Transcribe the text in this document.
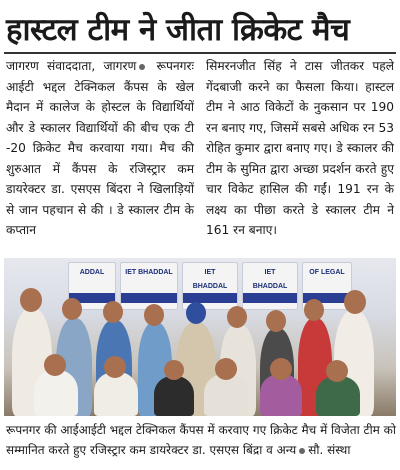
हास्टल टीम ने जीता क्रिकेट मैच
जागरण संवाददाता, जागरण रूपनगरः आईटी भद्दल टेक्निकल कैंपस के खेल मैदान में कालेज के होस्टल के विद्यार्थियों और डे स्कालर विद्यार्थियों की बीच एक टी -20 क्रिकेट मैच करवाया गया। मैच की शुरुआत में कैंपस के रजिस्ट्रार कम डायरेक्टर डा. एसएस बिंदरा ने खिलाड़ियों से जान पहचान से की । डे स्कालर टीम के कप्तान
सिमरनजीत सिंह ने टास जीतकर पहले गेंदबाजी करने का फैसला किया। हास्टल टीम ने आठ विकेटों के नुकसान पर 190 रन बनाए गए, जिसमें सबसे अधिक रन 53 रोहित कुमार द्वारा बनाए गए। डे स्कालर की टीम के सुमित द्वारा अच्छा प्रदर्शन करते हुए चार विकेट हासिल की गईं। 191 रन के लक्ष्य का पीछा करते डे स्कालर टीम ने 161 रन बनाए।
ADDAL	IET BHADDAL	IET BHADDAL
IET BHADDAL
OF LEGAL
रूपनगर की आईआईटी भद्दल टेक्निकल कैंपस में करवाए गए क्रिकेट मैच में विजेता टीम को सम्मानित करते हुए रजिस्ट्रार कम डायरेक्टर डा. एसएस बिंद्रा व अन्य सौ. संस्था
